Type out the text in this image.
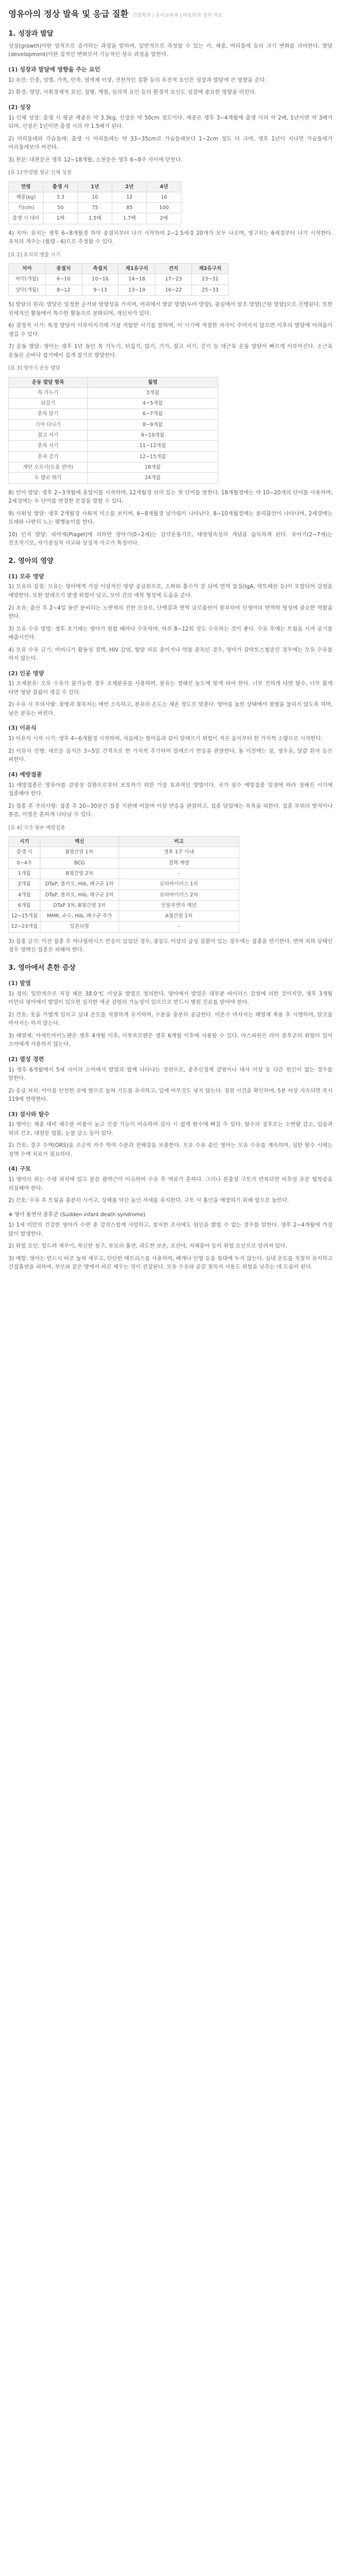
영유아의 정상 발육 및 응급 질환 간호학과 | 유아교육과 | 아동학과 정리 자료
1. 성장과 발달

성장(growth)이란 양적으로 증가하는 과정을 말하며, 일반적으로 측정할 수 있는 키, 체중, 머리둘레 등의 크기 변화를 의미한다. 발달(development)이란 질적인 변화로서 기능적인 성숙 과정을 말한다.

(1) 성장과 발달에 영향을 주는 요인

1) 유전: 인종, 성별, 가족, 민족, 염색체 이상, 선천적인 질환 등의 유전적 요인은 성장과 발달에 큰 영향을 준다.

2) 환경: 영양, 사회경제적 요인, 질병, 계절, 심리적 요인 등의 환경적 요인도 성장에 중요한 영향을 미친다.

(2) 성장

1) 신체 성장: 출생 시 평균 체중은 약 3.3kg, 신장은 약 50cm 정도이다. 체중은 생후 3~4개월에 출생 시의 약 2배, 1년이면 약 3배가 되며, 신장은 1년이면 출생 시의 약 1.5배가 된다.

2) 머리둘레와 가슴둘레: 출생 시 머리둘레는 약 33~35cm로 가슴둘레보다 1~2cm 정도 더 크며, 생후 1년이 지나면 가슴둘레가 머리둘레보다 커진다.

3) 천문: 대천문은 생후 12~18개월, 소천문은 생후 6~8주 사이에 닫힌다.

[표 1] 연령별 평균 신체 성장
연령	출생 시	1년	2년	4년
체중(kg)	3.3	10	12	16
키(cm)	50	75	85	100
출생 시 대비	1배	1.5배	1.7배	2배

4) 치아: 유치는 생후 6~8개월경 하악 중절치부터 나기 시작하여 2~2.5세경 20개가 모두 나오며, 영구치는 6세경부터 나기 시작한다. 유치의 개수는 (월령 - 6)으로 추정할 수 있다.

[표 2] 유치의 맹출 시기
치아	중절치	측절치	제1유구치	견치	제2유구치
하악(개월)	6~10	10~16	14~18	17~23	23~31
상악(개월)	8~12	9~13	13~19	16~22	25~33

5) 발달의 원리: 발달은 일정한 순서와 방향성을 가지며, 머리에서 발끝 방향(두미 방향), 중심에서 말초 방향(근원 방향)으로 진행된다. 또한 전체적인 활동에서 특수한 활동으로 분화되며, 개인차가 있다.

6) 결정적 시기: 특정 발달이 이루어지기에 가장 적합한 시기를 말하며, 이 시기에 적절한 자극이 주어지지 않으면 이후의 발달에 어려움이 생길 수 있다.

7) 운동 발달: 영아는 생후 1년 동안 목 가누기, 뒤집기, 앉기, 기기, 잡고 서기, 걷기 등 대근육 운동 발달이 빠르게 이루어진다. 소근육 운동은 손바닥 잡기에서 집게 잡기로 발달한다.

[표 3] 영아기 운동 발달
운동 발달 항목	월령
목 가누기	3개월
뒤집기	4~5개월
혼자 앉기	6~7개월
기어 다니기	8~9개월
잡고 서기	9~10개월
혼자 서기	11~12개월
혼자 걷기	12~15개월
계단 오르기(도움 받아)	18개월
두 발로 뛰기	24개월

8) 언어 발달: 생후 2~3개월에 옹알이를 시작하며, 12개월경 의미 있는 첫 단어를 말한다. 18개월경에는 약 10~20개의 단어를 사용하며, 2세경에는 두 단어를 연결한 문장을 말할 수 있다.

9) 사회성 발달: 생후 2개월경 사회적 미소를 보이며, 6~8개월경 낯가림이 나타난다. 8~10개월경에는 분리불안이 나타나며, 2세경에는 또래와 나란히 노는 평행놀이를 한다.

10) 인지 발달: 피아제(Piaget)에 의하면 영아기(0~2세)는 감각운동기로, 대상영속성의 개념을 습득하게 된다. 유아기(2~7세)는 전조작기로, 자기중심적 사고와 상징적 사고가 특징이다.

2. 영아의 영양
(1) 모유 영양

1) 모유의 장점: 모유는 영아에게 가장 이상적인 영양 공급원으로, 소화와 흡수가 잘 되며 면역 물질(IgA, 락토페린 등)이 포함되어 감염을 예방한다. 또한 알레르기 발생 위험이 낮고, 모아 간의 애착 형성에 도움을 준다.

2) 초유: 출산 후 2~4일 동안 분비되는 노란색의 진한 모유로, 단백질과 면역 글로불린이 풍부하여 신생아의 면역력 형성에 중요한 역할을 한다.

3) 모유 수유 방법: 생후 초기에는 영아가 원할 때마다 수유하며, 하루 8~12회 정도 수유하는 것이 좋다. 수유 후에는 트림을 시켜 공기를 배출시킨다.

4) 모유 수유 금기: 어머니가 활동성 결핵, HIV 감염, 항암 치료 중이거나 약물 중독인 경우, 영아가 갈락토스혈증인 경우에는 모유 수유를 하지 않는다.

(2) 인공 영양

1) 조제분유: 모유 수유가 불가능한 경우 조제분유를 사용하며, 분유는 정해진 농도에 맞게 타야 한다. 너무 진하게 타면 탈수, 너무 묽게 타면 영양 결핍이 생길 수 있다.

2) 수유 시 주의사항: 젖병과 젖꼭지는 매번 소독하고, 분유의 온도는 체온 정도로 맞춘다. 영아를 눕힌 상태에서 젖병을 물리지 않도록 하며, 남은 분유는 버린다.

(3) 이유식

1) 이유식 시작 시기: 생후 4~6개월경 시작하며, 처음에는 쌀미음과 같이 알레르기 위험이 적은 음식부터 한 가지씩 소량으로 시작한다.

2) 이유식 진행: 새로운 음식은 3~5일 간격으로 한 가지씩 추가하여 알레르기 반응을 관찰한다. 돌 이전에는 꿀, 생우유, 달걀 흰자 등은 피한다.

(4) 예방접종

1) 예방접종은 영유아를 감염성 질환으로부터 보호하기 위한 가장 효과적인 방법이다. 국가 필수 예방접종 일정에 따라 정해진 시기에 접종해야 한다.

2) 접종 후 주의사항: 접종 후 20~30분간 접종 기관에 머물며 이상 반응을 관찰하고, 접종 당일에는 목욕을 피한다. 접종 부위의 발적이나 통증, 미열은 흔하게 나타날 수 있다.

[표 4] 국가 필수 예방접종
시기	백신	비고
출생 시	B형간염 1차	생후 1주 이내
0~4주	BCG	결핵 예방
1개월	B형간염 2차	-
2개월	DTaP, 폴리오, Hib, 폐구균 1차	로타바이러스 1차
4개월	DTaP, 폴리오, Hib, 폐구균 2차	로타바이러스 2차
6개월	DTaP 3차, B형간염 3차	인플루엔자 매년
12~15개월	MMR, 수두, Hib, 폐구균 추가	A형간염 1차
12~23개월	일본뇌염	-

3) 접종 금기: 이전 접종 후 아나필락시스 반응이 있었던 경우, 중등도 이상의 급성 질환이 있는 경우에는 접종을 연기한다. 면역 저하 상태인 경우 생백신 접종은 피해야 한다.

3. 영아에서 흔한 증상
(1) 발열

1) 정의: 일반적으로 직장 체온 38.0℃ 이상을 발열로 정의한다. 영아에서 발열은 대부분 바이러스 감염에 의한 것이지만, 생후 3개월 미만의 영아에서 발열이 있으면 심각한 세균 감염의 가능성이 있으므로 반드시 병원 진료를 받아야 한다.

2) 간호: 옷을 가볍게 입히고 실내 온도를 적절하게 유지하며, 수분을 충분히 공급한다. 미온수 마사지는 해열제 복용 후 시행하며, 알코올 마사지는 하지 않는다.

3) 해열제: 아세트아미노펜은 생후 4개월 이후, 이부프로펜은 생후 6개월 이후에 사용할 수 있다. 아스피린은 라이 증후군의 위험이 있어 소아에게 사용하지 않는다.

(2) 열성 경련

1) 생후 6개월에서 5세 사이의 소아에서 발열과 함께 나타나는 경련으로, 중추신경계 감염이나 대사 이상 등 다른 원인이 없는 경우를 말한다.

2) 응급 처치: 아이를 안전한 곳에 옆으로 눕혀 기도를 유지하고, 입에 아무것도 넣지 않는다. 경련 시간을 확인하며, 5분 이상 지속되면 즉시 119에 연락한다.

(3) 설사와 탈수

1) 영아는 체중 대비 체수분 비율이 높고 신장 기능이 미숙하여 설사 시 쉽게 탈수에 빠질 수 있다. 탈수의 징후로는 소변량 감소, 입술과 혀의 건조, 대천문 함몰, 눈물 감소 등이 있다.

2) 간호: 경구 수액(ORS)을 조금씩 자주 먹여 수분과 전해질을 보충한다. 모유 수유 중인 영아는 모유 수유를 계속하며, 심한 탈수 시에는 정맥 수액 치료가 필요하다.

(4) 구토

1) 영아의 위는 수평 위치에 있고 분문 괄약근이 미숙하여 수유 후 역류가 흔하다. 그러나 분출성 구토가 반복되면 비후성 유문 협착증을 의심해야 한다.

2) 간호: 수유 후 트림을 충분히 시키고, 상체를 약간 높인 자세를 유지한다. 구토 시 흡인을 예방하기 위해 옆으로 눕힌다.

※ 영아 돌연사 증후군 (Sudden infant death syndrome)

1) 1세 미만의 건강한 영아가 수면 중 갑작스럽게 사망하고, 철저한 조사에도 원인을 밝힐 수 없는 경우를 말한다. 생후 2~4개월에 가장 많이 발생한다.

2) 위험 요인: 엎드려 재우기, 푹신한 침구, 부모의 흡연, 과도한 보온, 조산아, 저체중아 등이 위험 요인으로 알려져 있다.

3) 예방: 영아는 반드시 바로 눕혀 재우고, 단단한 매트리스를 사용하며, 베개나 인형 등을 침대에 두지 않는다. 실내 온도를 적절히 유지하고 간접흡연을 피하며, 부모와 같은 방에서 따로 재우는 것이 권장된다. 모유 수유와 공갈 젖꼭지 사용도 위험을 낮추는 데 도움이 된다.
